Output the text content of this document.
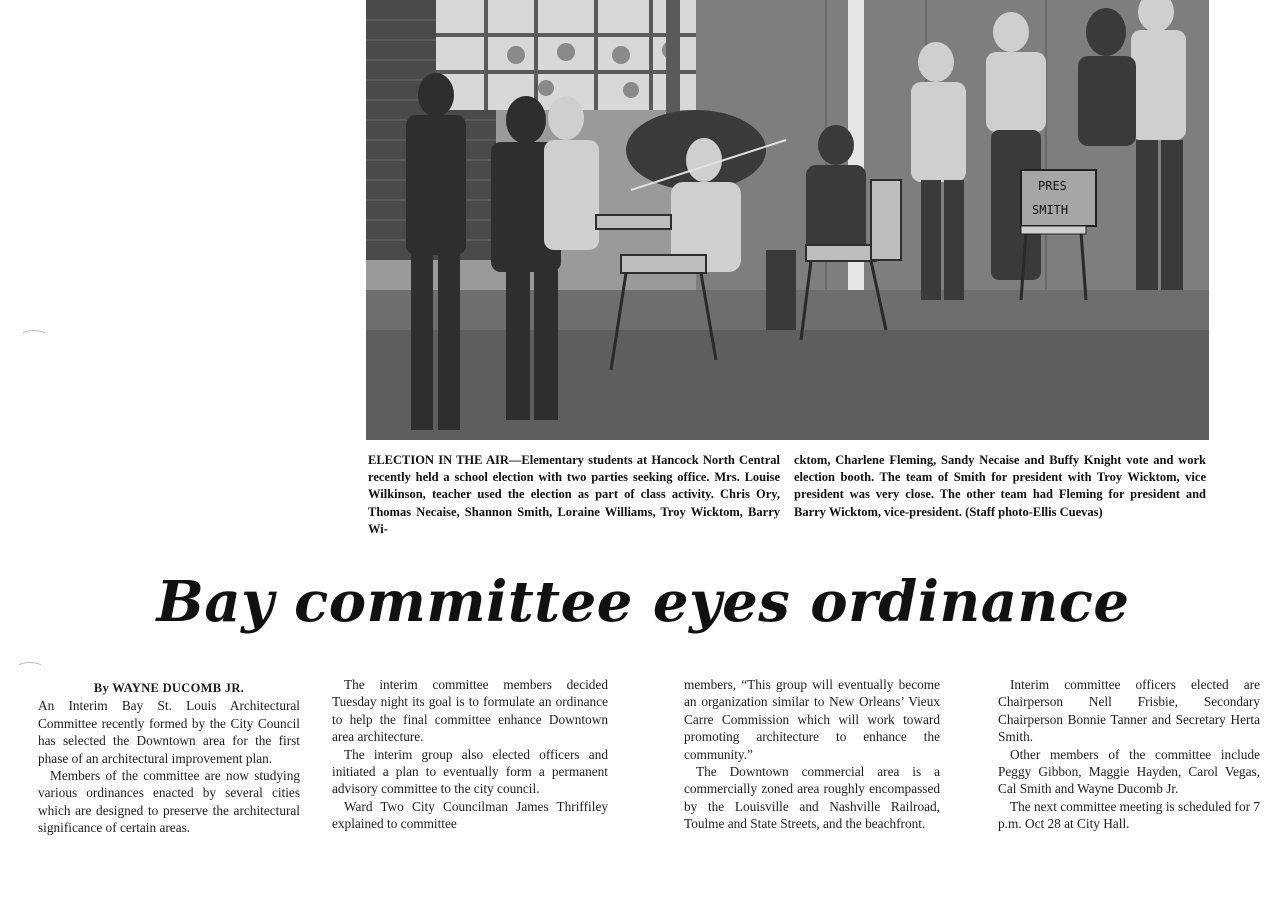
PRES
SMITH

ELECTION IN THE AIR—Elementary students at Hancock North Central recently held a school election with two parties seeking office. Mrs. Louise Wilkinson, teacher used the election as part of class activity. Chris Ory, Thomas Necaise, Shannon Smith, Loraine Williams, Troy Wicktom, Barry Wi-

cktom, Charlene Fleming, Sandy Necaise and Buffy Knight vote and work election booth. The team of Smith for president with Troy Wicktom, vice president was very close. The other team had Fleming for president and Barry Wicktom, vice-president. (Staff photo-Ellis Cuevas)

Bay committee eyes ordinance
By WAYNE DUCOMB JR.

An Interim Bay St. Louis Architectural Committee recently formed by the City Council has selected the Downtown area for the first phase of an architectural improvement plan.

Members of the committee are now studying various ordinances enacted by several cities which are designed to preserve the architectural significance of certain areas.

The interim committee members decided Tuesday night its goal is to formulate an ordinance to help the final committee enhance Downtown area architecture.

The interim group also elected officers and initiated a plan to eventually form a permanent advisory committee to the city council.

Ward Two City Councilman James Thriffiley explained to committee

members, “This group will eventually become an organization similar to New Orleans’ Vieux Carre Commission which will work toward promoting architecture to enhance the community.”

The Downtown commercial area is a commercially zoned area roughly encompassed by the Louisville and Nashville Railroad, Toulme and State Streets, and the beachfront.

Interim committee officers elected are Chairperson Nell Frisbie, Secondary Chairperson Bonnie Tanner and Secretary Herta Smith.

Other members of the committee include Peggy Gibbon, Maggie Hayden, Carol Vegas, Cal Smith and Wayne Ducomb Jr.

The next committee meeting is scheduled for 7 p.m. Oct 28 at City Hall.
